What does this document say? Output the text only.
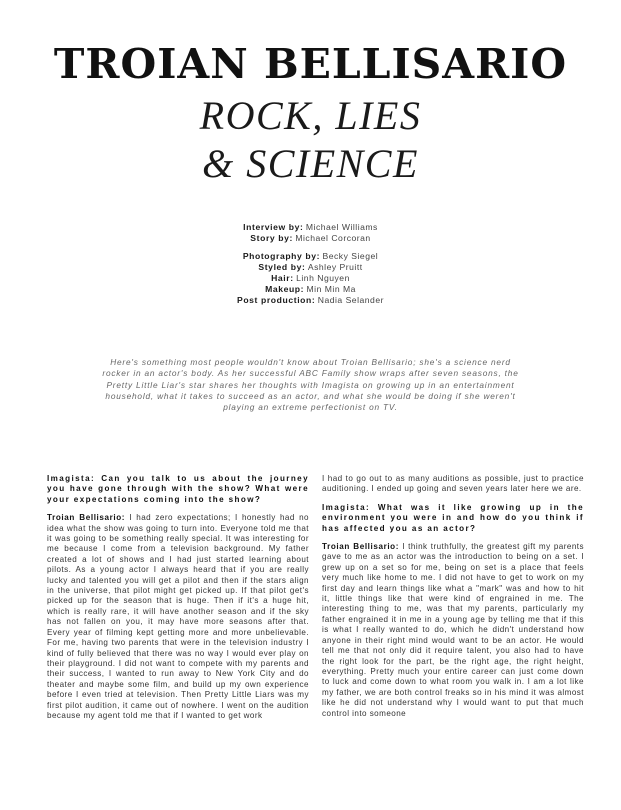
TROIAN BELLISARIO
ROCK, LIES
& SCIENCE
Interview by: Michael Williams
Story by: Michael Corcoran
Photography by: Becky Siegel
Styled by: Ashley Pruitt
Hair: Linh Nguyen
Makeup: Min Min Ma
Post production: Nadia Selander
Here's something most people wouldn't know about Troian Bellisario; she's a science nerd rocker in an actor's body. As her successful ABC Family show wraps after seven seasons, the Pretty Little Liar's star shares her thoughts with Imagista on growing up in an entertainment household, what it takes to succeed as an actor, and what she would be doing if she weren't playing an extreme perfectionist on TV.

Imagista: Can you talk to us about the journey you have gone through with the show? What were your expectations coming into the show?

Troian Bellisario: I had zero expectations; I honestly had no idea what the show was going to turn into. Everyone told me that it was going to be something really special. It was interesting for me because I come from a television background. My father created a lot of shows and I had just started learning about pilots. As a young actor I always heard that if you are really lucky and talented you will get a pilot and then if the stars align in the universe, that pilot might get picked up. If that pilot get's picked up for the season that is huge. Then if it's a huge hit, which is really rare, it will have another season and if the sky has not fallen on you, it may have more seasons after that. Every year of filming kept getting more and more unbelievable. For me, having two parents that were in the television industry I kind of fully believed that there was no way I would ever play on their playground. I did not want to compete with my parents and their success, I wanted to run away to New York City and do theater and maybe some film, and build up my own experience before I even tried at television. Then Pretty Little Liars was my first pilot audition, it came out of nowhere. I went on the audition because my agent told me that if I wanted to get work

I had to go out to as many auditions as possible, just to practice auditioning. I ended up going and seven years later here we are.

Imagista: What was it like growing up in the environment you were in and how do you think if has affected you as an actor?

Troian Bellisario: I think truthfully, the greatest gift my parents gave to me as an actor was the introduction to being on a set. I grew up on a set so for me, being on set is a place that feels very much like home to me. I did not have to get to work on my first day and learn things like what a "mark" was and how to hit it, little things like that were kind of engrained in me. The interesting thing to me, was that my parents, particularly my father engrained it in me in a young age by telling me that if this is what I really wanted to do, which he didn't understand how anyone in their right mind would want to be an actor. He would tell me that not only did it require talent, you also had to have the right look for the part, be the right age, the right height, everything. Pretty much your entire career can just come down to luck and come down to what room you walk in. I am a lot like my father, we are both control freaks so in his mind it was almost like he did not understand why I would want to put that much control into someone
